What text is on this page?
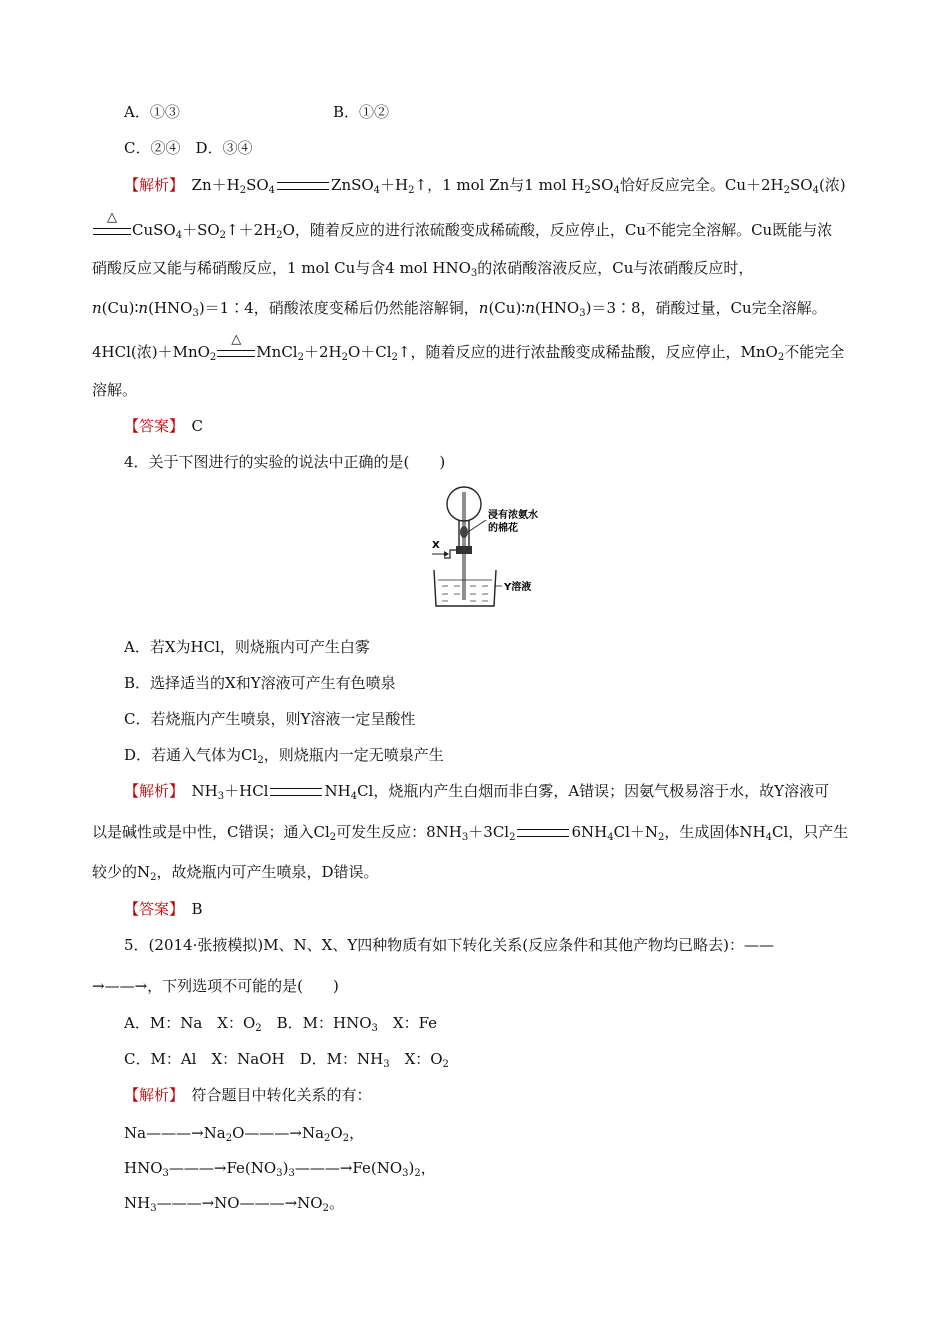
A．①③	B．①②
C．②④　D．③④
【解析】　$Zn+H_2SO_4$	$ZnSO_4+H_2↑$，1 mol Zn与1 mol $H_2SO_4$恰好反应完全。$Cu+2H_2SO_4$(浓)
△
$CuSO_4+SO_2↑+2H_2O$，随着反应的进行浓硫酸变成稀硫酸，反应停止，Cu不能完全溶解。Cu既能与浓
硝酸反应又能与稀硝酸反应，1 mol Cu与含4 mol $HNO_3$的浓硝酸溶液反应，Cu与浓硝酸反应时，
$n(Cu)∶n(HNO_3)=1∶4$，硝酸浓度变稀后仍然能溶解铜，$n(Cu)∶n(HNO_3)=3∶8$，硝酸过量，Cu完全溶解。
4HCl(浓)＋MnO$_2$
△
$MnCl_2+2H_2O+Cl_2↑$，随着反应的进行浓盐酸变成稀盐酸，反应停止，MnO$_2$不能完全
溶解。
【答案】　 C
4．关于下图进行的实验的说法中正确的是(　　)
浸有浓氨水
的棉花
X
Y溶液
A．若X为HCl，则烧瓶内可产生白雾
B．选择适当的X和Y溶液可产生有色喷泉
C．若烧瓶内产生喷泉，则Y溶液一定呈酸性
D．若通入气体为$Cl_2$，则烧瓶内一定无喷泉产生
【解析】　$NH_3+HCl$	$NH_4Cl$，烧瓶内产生白烟而非白雾，A错误；因氨气极易溶于水，故Y溶液可
以是碱性或是中性，C错误；通入$Cl_2$可发生反应：$8NH_3+3Cl_2$	$6NH_4Cl+N_2$，生成固体$NH_4Cl$，只产生
较少的$N_2$，故烧瓶内可产生喷泉，D错误。
【答案】　 B
5．(2014·张掖模拟)M、N、X、Y四种物质有如下转化关系(反应条件和其他产物均已略去)：——
→——→，下列选项不可能的是(　　)
A．M：Na　X：$O_2$　B．M：$HNO_3$　X：Fe
C．M：Al　X：NaOH　D．M：$NH_3$　X：$O_2$
【解析】　 符合题目中转化关系的有：
$Na———\to Na_2O———\to Na_2O_2$，
$HNO_3———\to Fe(NO_3)_3———\to Fe(NO_3)_2$，
$NH_3———\to NO———\to NO_2$。
